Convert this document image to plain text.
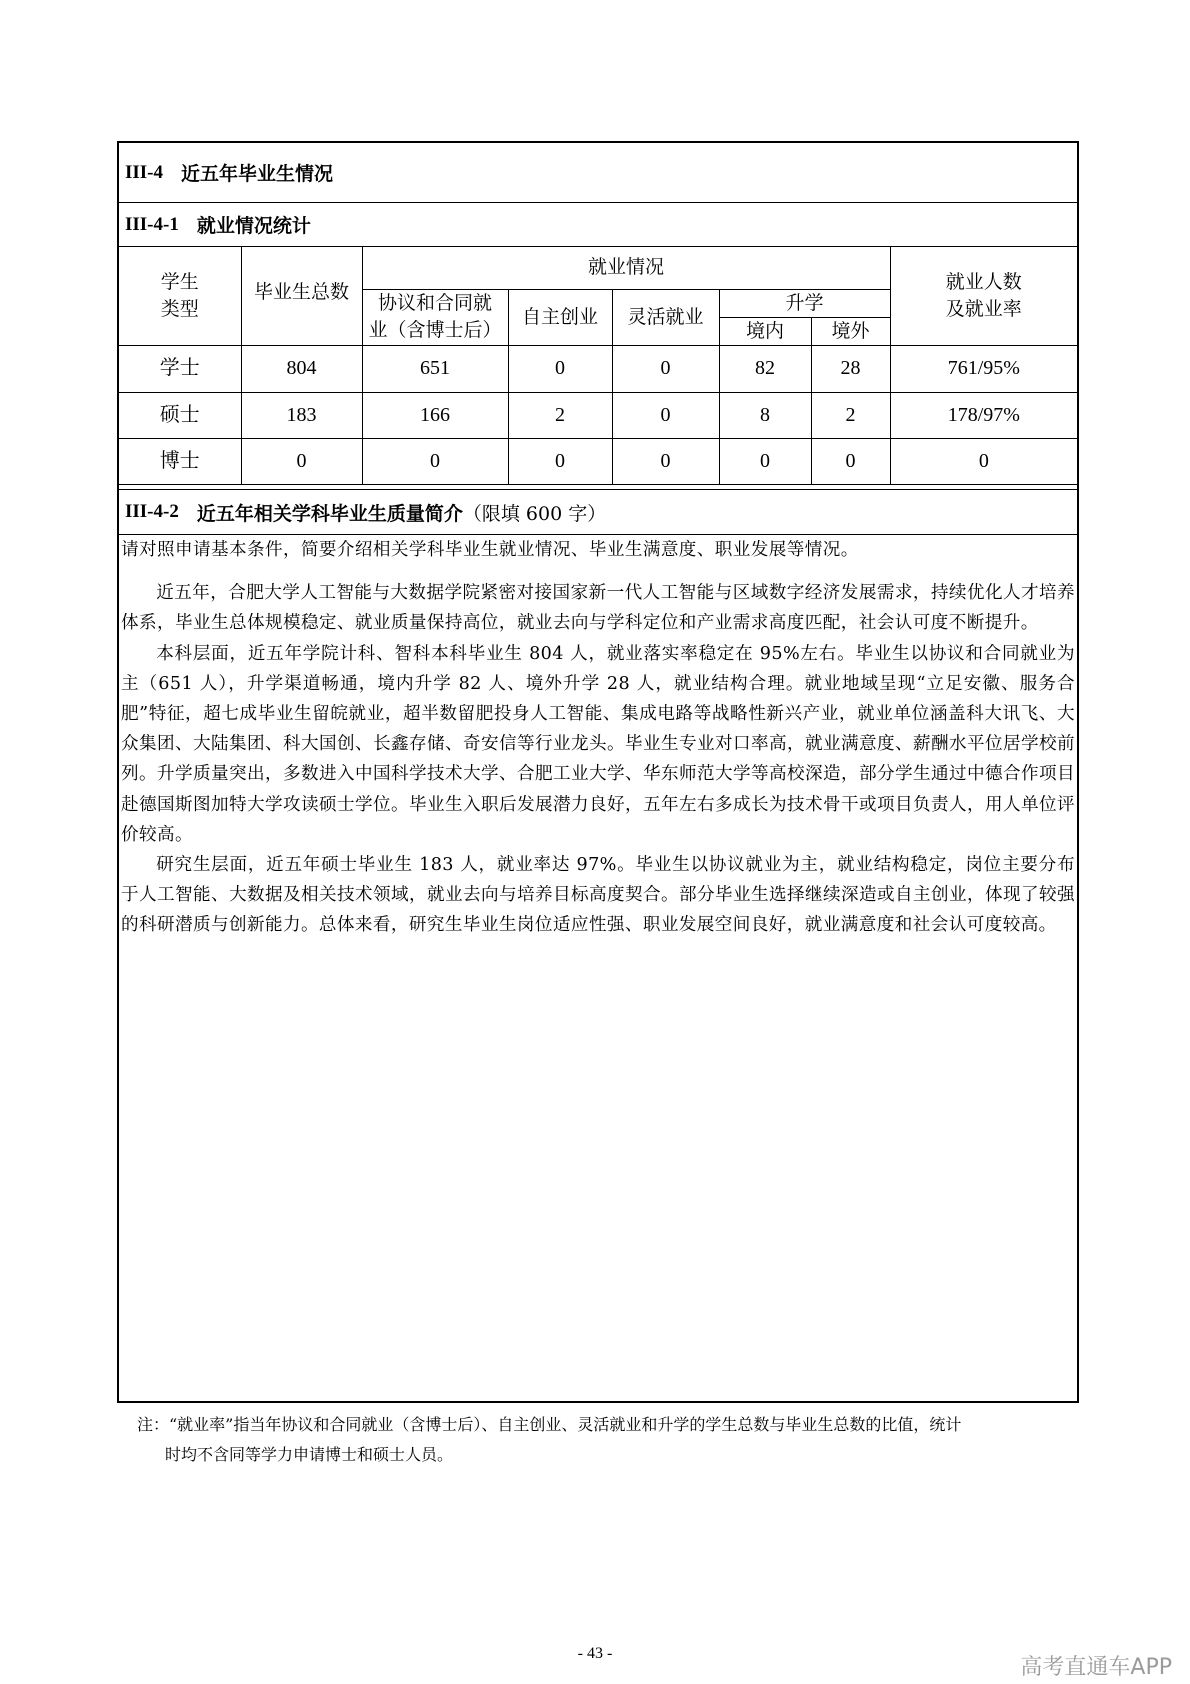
III-4 近五年毕业生情况
III-4-1 就业情况统计
学生
类型	毕业生总数	就业情况					就业人数
及就业率
		协议和合同就
业（含博士后）	自主创业	灵活就业	升学		
					境内	境外	
学士	804	651	0	0	82	28	761/95%
硕士	183	166	2	0	8	2	178/97%
博士	0	0	0	0	0	0	0
III-4-2 近五年相关学科毕业生质量简介 （限填 600 字）

请对照申请基本条件，简要介绍相关学科毕业生就业情况、毕业生满意度、职业发展等情况。

近五年，合肥大学人工智能与大数据学院紧密对接国家新一代人工智能与区域数字经济发展需求，持续优化人才培养体系，毕业生总体规模稳定、就业质量保持高位，就业去向与学科定位和产业需求高度匹配，社会认可度不断提升。

本科层面，近五年学院计科、智科本科毕业生 804 人，就业落实率稳定在 95%左右。毕业生以协议和合同就业为主（651 人），升学渠道畅通，境内升学 82 人、境外升学 28 人，就业结构合理。就业地域呈现“立足安徽、服务合肥”特征，超七成毕业生留皖就业，超半数留肥投身人工智能、集成电路等战略性新兴产业，就业单位涵盖科大讯飞、大众集团、大陆集团、科大国创、长鑫存储、奇安信等行业龙头。毕业生专业对口率高，就业满意度、薪酬水平位居学校前列。升学质量突出，多数进入中国科学技术大学、合肥工业大学、华东师范大学等高校深造，部分学生通过中德合作项目赴德国斯图加特大学攻读硕士学位。毕业生入职后发展潜力良好，五年左右多成长为技术骨干或项目负责人，用人单位评价较高。

研究生层面，近五年硕士毕业生 183 人，就业率达 97%。毕业生以协议就业为主，就业结构稳定，岗位主要分布于人工智能、大数据及相关技术领域，就业去向与培养目标高度契合。部分毕业生选择继续深造或自主创业，体现了较强的科研潜质与创新能力。总体来看，研究生毕业生岗位适应性强、职业发展空间良好，就业满意度和社会认可度较高。

注：“就业率”指当年协议和合同就业（含博士后）、自主创业、灵活就业和升学的学生总数与毕业生总数的比值，统计
时均不含同等学力申请博士和硕士人员。
- 43 -
高考直通车APP
